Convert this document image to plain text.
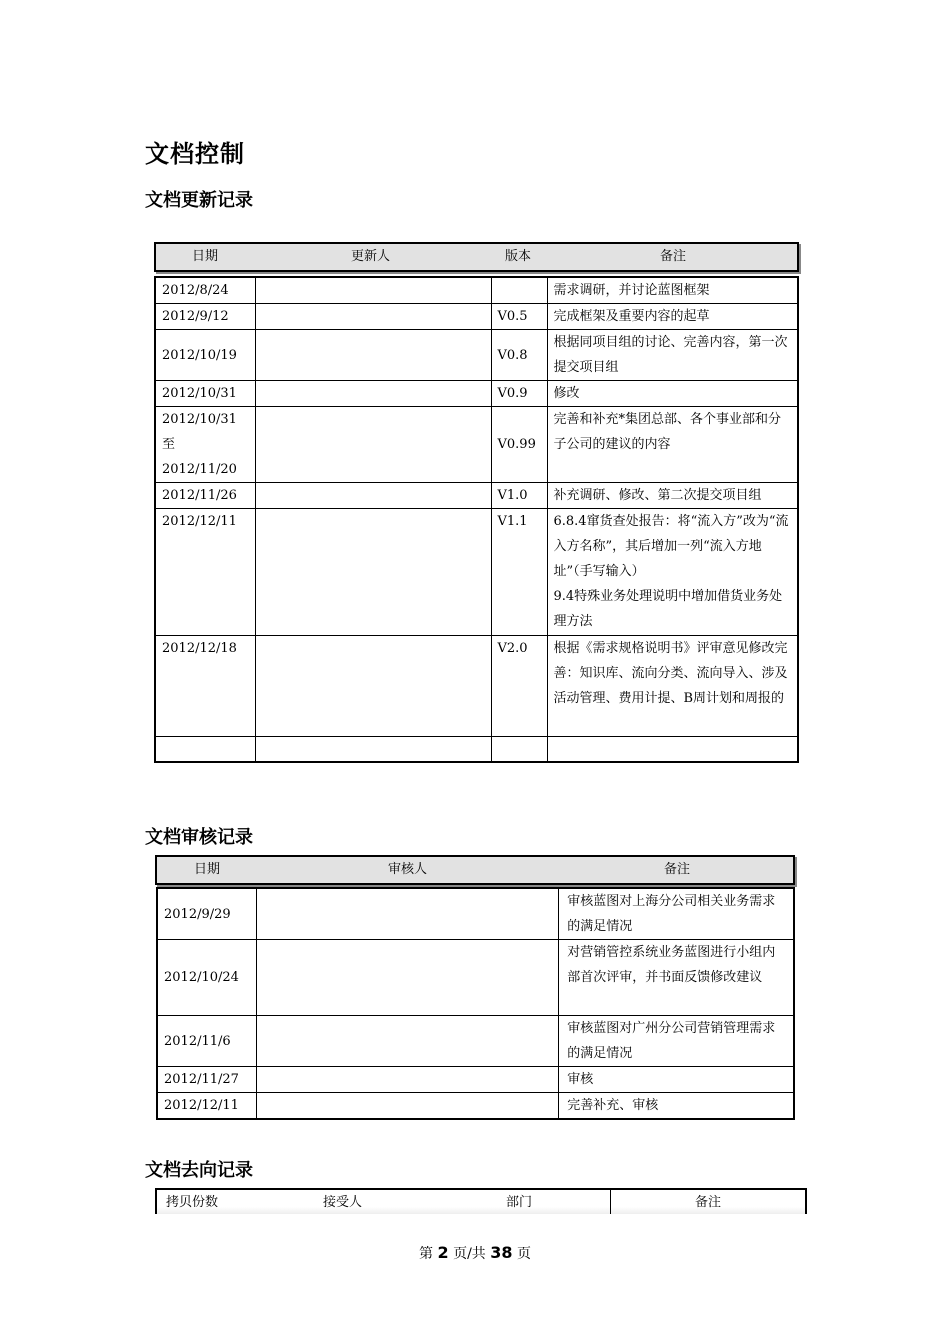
文档控制
文档更新记录
日期	更新人	版本	备注
2012/8/24			需求调研，并讨论蓝图框架
2012/9/12		V0.5	完成框架及重要内容的起草
2012/10/19		V0.8	根据同项目组的讨论、完善内容，第一次提交项目组
2012/10/31		V0.9	修改
2012/10/31
至
2012/11/20		V0.99	完善和补充*集团总部、各个事业部和分子公司的建议的内容
2012/11/26		V1.0	补充调研、修改、第二次提交项目组
2012/12/11		V1.1	6.8.4窜货查处报告：将“流入方”改为“流入方名称”，其后增加一列“流入方地址”（手写输入）
9.4特殊业务处理说明中增加借货业务处理方法
2012/12/18		V2.0	根据《需求规格说明书》评审意见修改完善：知识库、流向分类、流向导入、涉及活动管理、费用计提、B周计划和周报的

文档审核记录
日期	审核人	备注
2012/9/29		审核蓝图对上海分公司相关业务需求的满足情况
2012/10/24		对营销管控系统业务蓝图进行小组内部首次评审，并书面反馈修改建议
2012/11/6		审核蓝图对广州分公司营销管理需求的满足情况
2012/11/27		审核
2012/12/11		完善补充、审核
文档去向记录
拷贝份数	接受人	部门	备注
第 2 页/共 38 页
